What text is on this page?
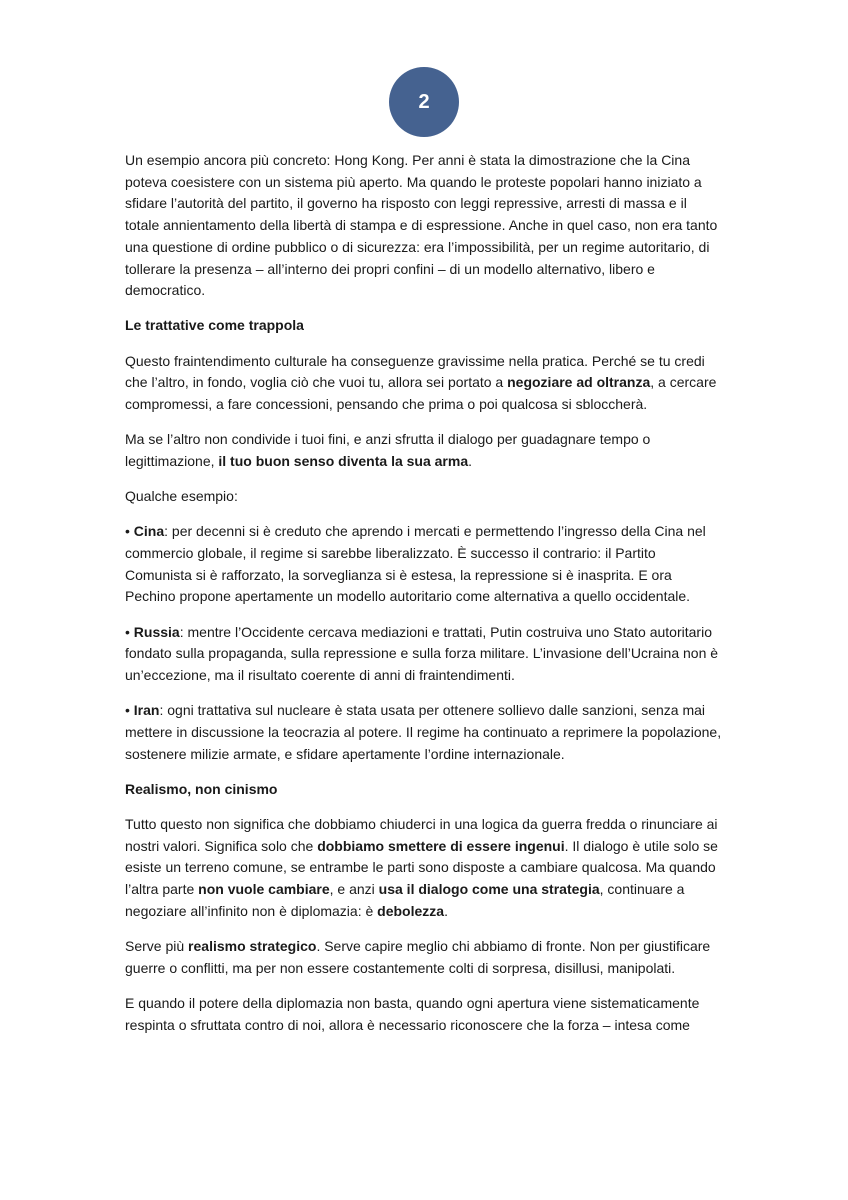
2

Un esempio ancora più concreto: Hong Kong. Per anni è stata la dimostrazione che la Cina poteva coesistere con un sistema più aperto. Ma quando le proteste popolari hanno iniziato a sfidare l’autorità del partito, il governo ha risposto con leggi repressive, arresti di massa e il totale annientamento della libertà di stampa e di espressione. Anche in quel caso, non era tanto una questione di ordine pubblico o di sicurezza: era l’impossibilità, per un regime autoritario, di tollerare la presenza – all’interno dei propri confini – di un modello alternativo, libero e democratico.

Le trattative come trappola

Questo fraintendimento culturale ha conseguenze gravissime nella pratica. Perché se tu credi che l’altro, in fondo, voglia ciò che vuoi tu, allora sei portato a negoziare ad oltranza, a cercare compromessi, a fare concessioni, pensando che prima o poi qualcosa si sbloccherà.

Ma se l’altro non condivide i tuoi fini, e anzi sfrutta il dialogo per guadagnare tempo o legittimazione, il tuo buon senso diventa la sua arma.

Qualche esempio:

• Cina: per decenni si è creduto che aprendo i mercati e permettendo l’ingresso della Cina nel commercio globale, il regime si sarebbe liberalizzato. È successo il contrario: il Partito Comunista si è rafforzato, la sorveglianza si è estesa, la repressione si è inasprita. E ora Pechino propone apertamente un modello autoritario come alternativa a quello occidentale.

• Russia: mentre l’Occidente cercava mediazioni e trattati, Putin costruiva uno Stato autoritario fondato sulla propaganda, sulla repressione e sulla forza militare. L’invasione dell’Ucraina non è un’eccezione, ma il risultato coerente di anni di fraintendimenti.

• Iran: ogni trattativa sul nucleare è stata usata per ottenere sollievo dalle sanzioni, senza mai mettere in discussione la teocrazia al potere. Il regime ha continuato a reprimere la popolazione, sostenere milizie armate, e sfidare apertamente l’ordine internazionale.

Realismo, non cinismo

Tutto questo non significa che dobbiamo chiuderci in una logica da guerra fredda o rinunciare ai nostri valori. Significa solo che dobbiamo smettere di essere ingenui. Il dialogo è utile solo se esiste un terreno comune, se entrambe le parti sono disposte a cambiare qualcosa. Ma quando l’altra parte non vuole cambiare, e anzi usa il dialogo come una strategia, continuare a negoziare all’infinito non è diplomazia: è debolezza.

Serve più realismo strategico. Serve capire meglio chi abbiamo di fronte. Non per giustificare guerre o conflitti, ma per non essere costantemente colti di sorpresa, disillusi, manipolati.

E quando il potere della diplomazia non basta, quando ogni apertura viene sistematicamente respinta o sfruttata contro di noi, allora è necessario riconoscere che la forza – intesa come
